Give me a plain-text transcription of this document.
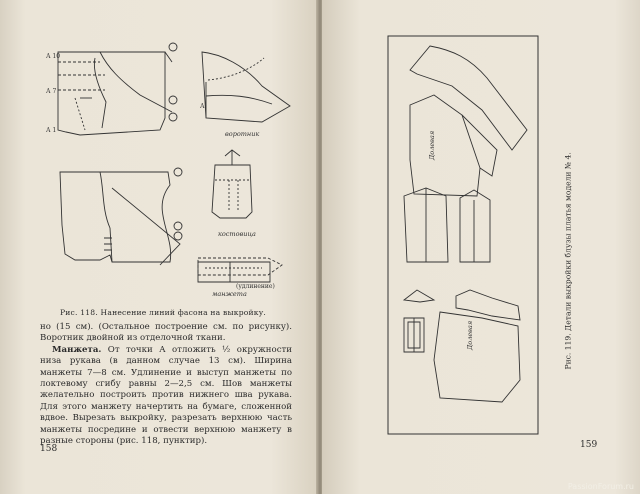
А 10
А 7
А 1
А
воротник
костовица
манжета
(удлинение)
Рис. 118. Нанесение линий фасона на выкройку.

но (15 см). (Остальное построение см. по рисунку). Воротник двойной из отделочной ткани.

Манжета. От точки А отложить ½ окружности низа рукава (в данном случае 13 см). Ширина манжеты 7—8 см. Удлинение и выступ манжеты по локтевому сгибу равны 2—2,5 см. Шов манжеты желательно построить против нижнего шва рукава. Для этого манжету начертить на бумаге, сложенной вдвое. Вырезать выкройку, разрезать верхнюю часть манжеты посредине и отвести верхнюю манжету в разные стороны (рис. 118, пунктир).

158
Долевая
Долевая	Рис. 119. Детали выкройки блузы платья модели № 4.
159
PassionForum.ru
